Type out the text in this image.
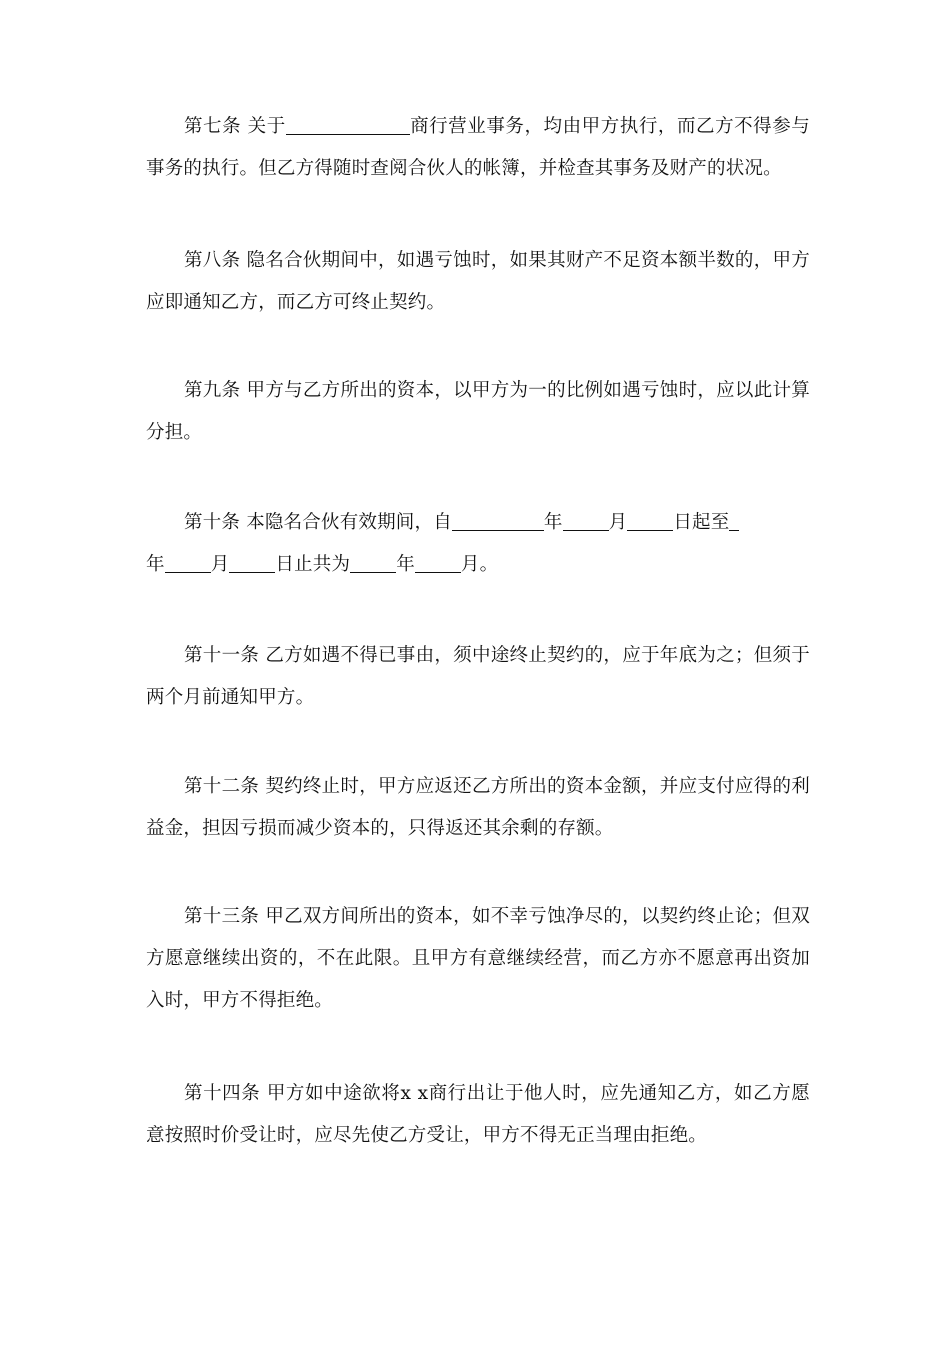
第七条 关于	商行营业事务，均由甲方执行，而乙方不得参与事务的执行。但乙方得随时查阅合伙人的帐簿，并检查其事务及财产的状况。

第八条 隐名合伙期间中，如遇亏蚀时，如果其财产不足资本额半数的，甲方应即通知乙方，而乙方可终止契约。

第九条 甲方与乙方所出的资本，以甲方为一的比例如遇亏蚀时，应以此计算分担。

第十条 本隐名合伙有效期间，自	年 月 日起至
年 月 日止共为 年 月。

第十一条 乙方如遇不得已事由，须中途终止契约的，应于年底为之；但须于两个月前通知甲方。

第十二条 契约终止时，甲方应返还乙方所出的资本金额，并应支付应得的利益金，担因亏损而减少资本的，只得返还其余剩的存额。

第十三条 甲乙双方间所出的资本，如不幸亏蚀净尽的，以契约终止论；但双方愿意继续出资的，不在此限。且甲方有意继续经营，而乙方亦不愿意再出资加入时，甲方不得拒绝。

第十四条 甲方如中途欲将x x商行出让于他人时，应先通知乙方，如乙方愿意按照时价受让时，应尽先使乙方受让，甲方不得无正当理由拒绝。
